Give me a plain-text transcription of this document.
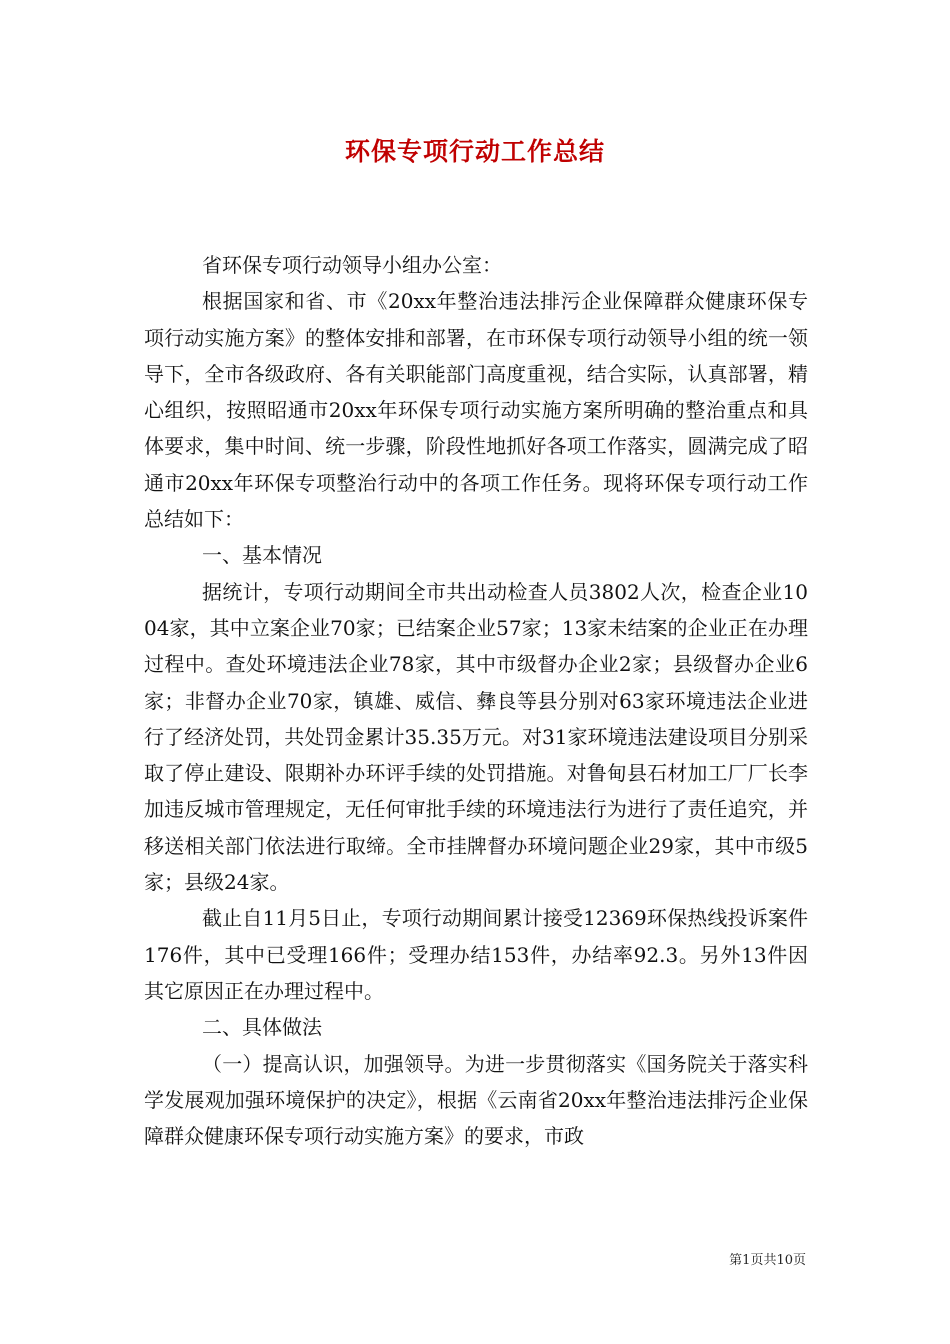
环保专项行动工作总结

省环保专项行动领导小组办公室：

根据国家和省、市《20xx年整治违法排污企业保障群众健康环保专项行动实施方案》的整体安排和部署，在市环保专项行动领导小组的统一领导下，全市各级政府、各有关职能部门高度重视，结合实际，认真部署，精心组织，按照昭通市20xx年环保专项行动实施方案所明确的整治重点和具体要求，集中时间、统一步骤，阶段性地抓好各项工作落实，圆满完成了昭通市20xx年环保专项整治行动中的各项工作任务。现将环保专项行动工作总结如下：

一、基本情况

据统计，专项行动期间全市共出动检查人员3802人次，检查企业1004家，其中立案企业70家；已结案企业57家；13家未结案的企业正在办理过程中。查处环境违法企业78家，其中市级督办企业2家；县级督办企业6家；非督办企业70家，镇雄、威信、彝良等县分别对63家环境违法企业进行了经济处罚，共处罚金累计35.35万元。对31家环境违法建设项目分别采取了停止建设、限期补办环评手续的处罚措施。对鲁甸县石材加工厂厂长李加违反城市管理规定，无任何审批手续的环境违法行为进行了责任追究，并移送相关部门依法进行取缔。全市挂牌督办环境问题企业29家，其中市级5家；县级24家。

截止自11月5日止，专项行动期间累计接受12369环保热线投诉案件176件，其中已受理166件；受理办结153件，办结率92.3。另外13件因其它原因正在办理过程中。

二、具体做法

（一）提高认识，加强领导。为进一步贯彻落实《国务院关于落实科学发展观加强环境保护的决定》，根据《云南省20xx年整治违法排污企业保障群众健康环保专项行动实施方案》的要求，市政

第1页共10页
